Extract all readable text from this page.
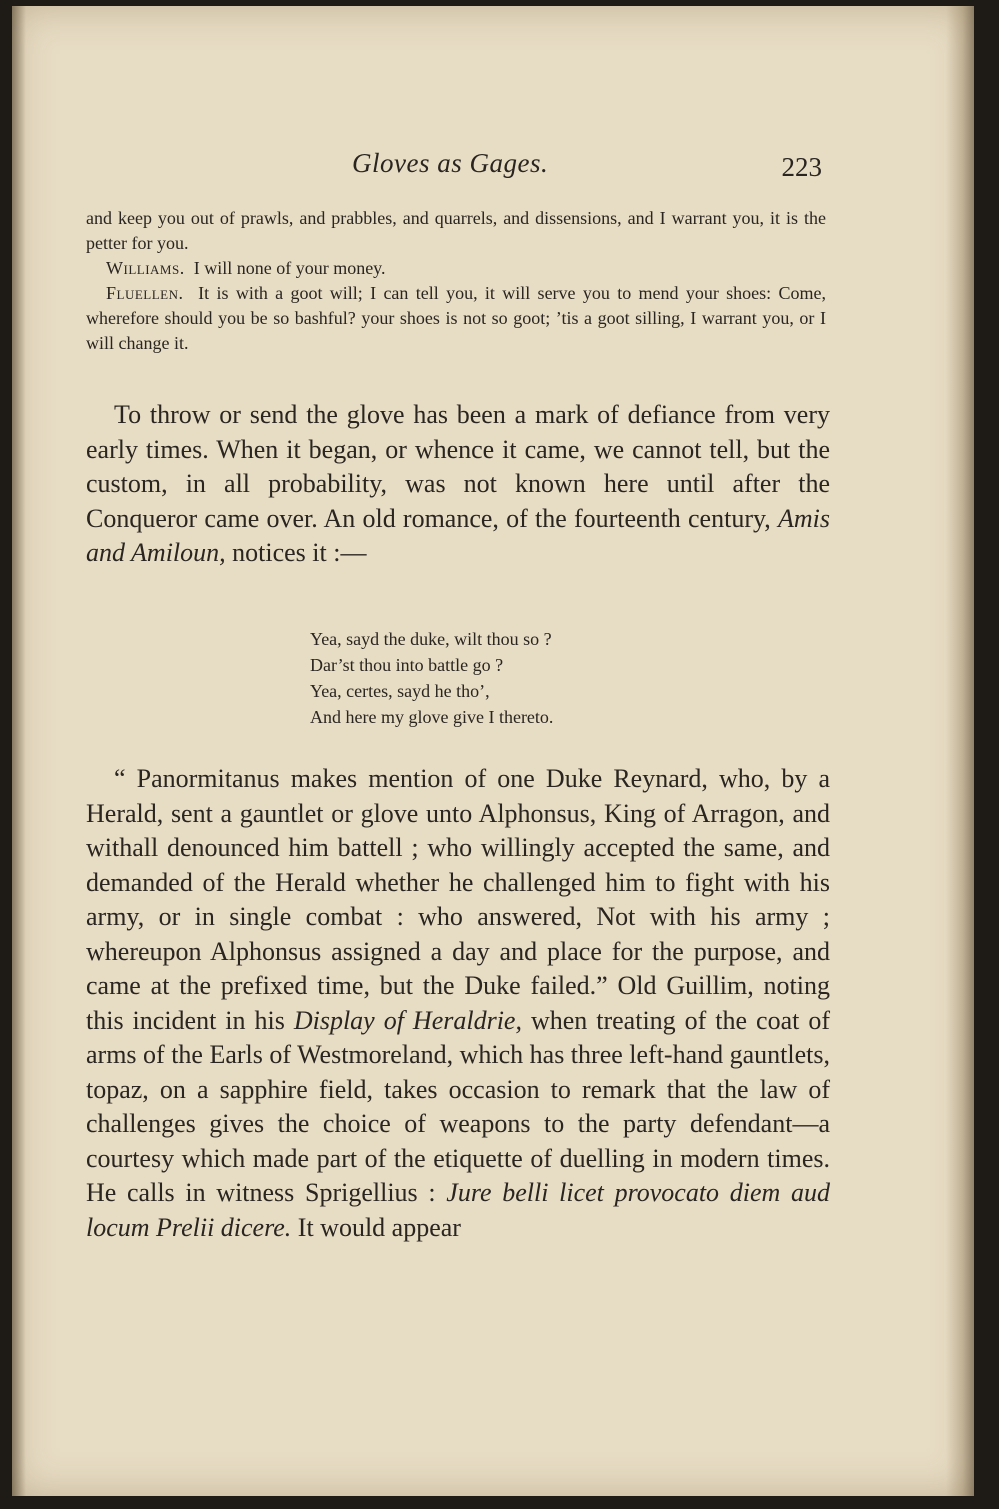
Gloves as Gages.	223

and keep you out of prawls, and prabbles, and quarrels, and dissensions, and I warrant you, it is the petter for you.

Williams. I will none of your money.

Fluellen. It is with a goot will; I can tell you, it will serve you to mend your shoes: Come, wherefore should you be so bashful? your shoes is not so goot; ’tis a goot silling, I warrant you, or I will change it.

To throw or send the glove has been a mark of defiance from very early times. When it began, or whence it came, we cannot tell, but the custom, in all probability, was not known here until after the Conqueror came over. An old romance, of the fourteenth century, Amis and Amiloun, notices it :—

Yea, sayd the duke, wilt thou so ?
Dar’st thou into battle go ?
Yea, certes, sayd he tho’,
And here my glove give I thereto.

“ Panormitanus makes mention of one Duke Reynard, who, by a Herald, sent a gauntlet or glove unto Alphonsus, King of Arragon, and withall denounced him battell ; who willingly accepted the same, and demanded of the Herald whether he challenged him to fight with his army, or in single combat : who answered, Not with his army ; whereupon Alphonsus assigned a day and place for the purpose, and came at the prefixed time, but the Duke failed.” Old Guillim, noting this incident in his Display of Heraldrie, when treating of the coat of arms of the Earls of Westmoreland, which has three left-hand gauntlets, topaz, on a sapphire field, takes occasion to remark that the law of challenges gives the choice of weapons to the party defendant—a courtesy which made part of the etiquette of duelling in modern times. He calls in witness Sprigellius : Jure belli licet provocato diem aud locum Prelii dicere. It would appear
